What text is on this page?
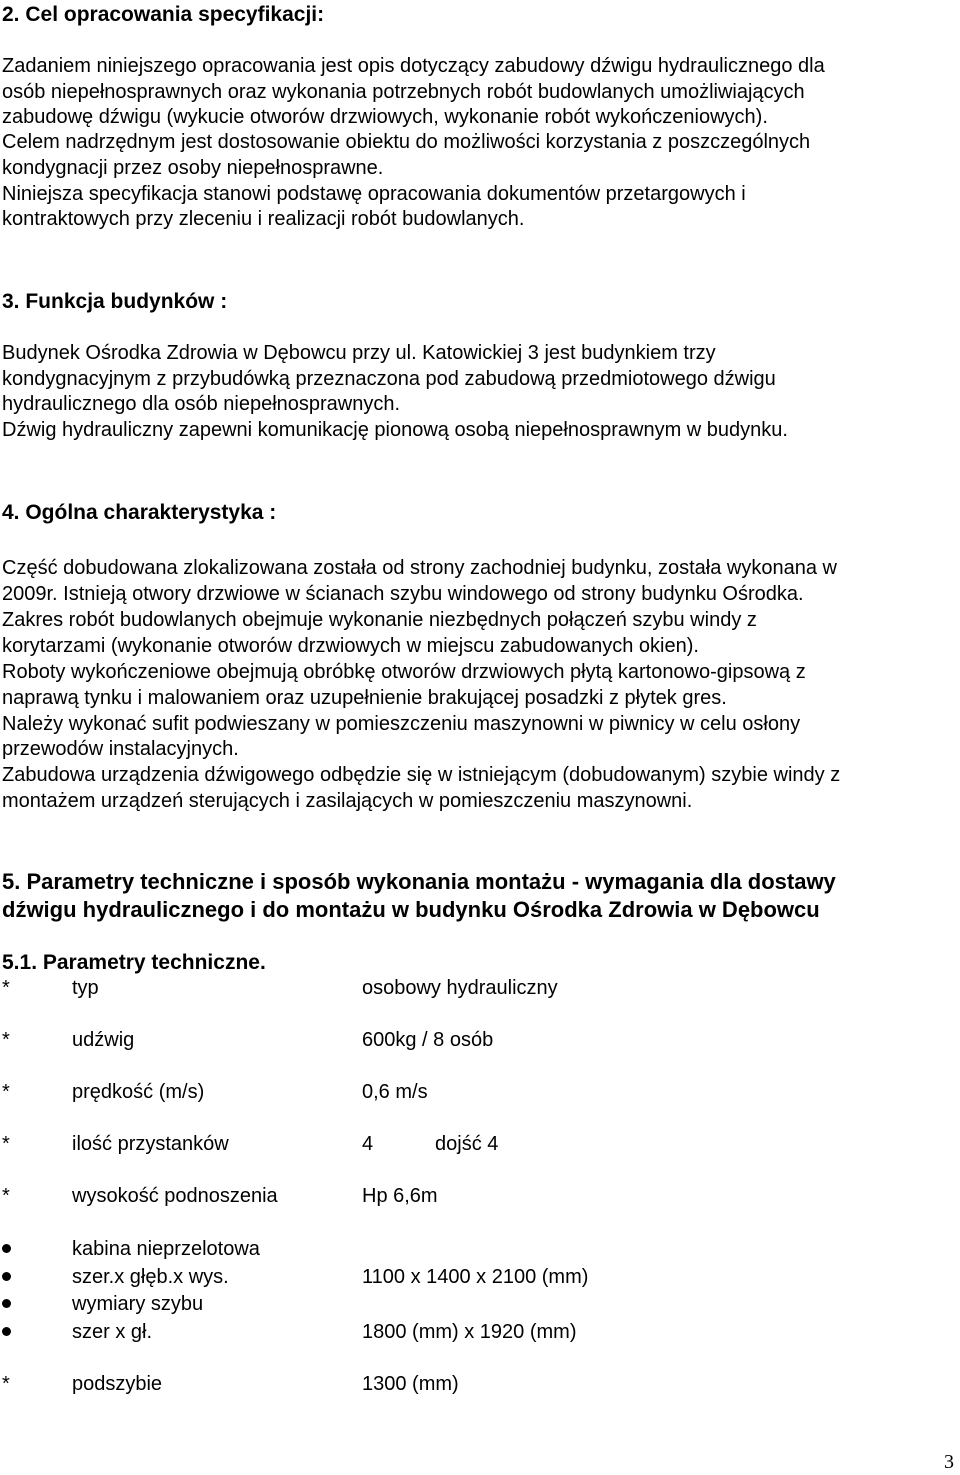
2. Cel opracowania specyfikacji:
Zadaniem niniejszego opracowania jest opis dotyczący zabudowy dźwigu hydraulicznego dla
osób niepełnosprawnych oraz wykonania potrzebnych robót budowlanych umożliwiających
zabudowę dźwigu (wykucie otworów drzwiowych, wykonanie robót wykończeniowych).
Celem nadrzędnym jest dostosowanie obiektu do możliwości korzystania z poszczególnych
kondygnacji przez osoby niepełnosprawne.
Niniejsza specyfikacja stanowi podstawę opracowania dokumentów przetargowych i
kontraktowych przy zleceniu i realizacji robót budowlanych.
3. Funkcja budynków :
Budynek Ośrodka Zdrowia w Dębowcu przy ul. Katowickiej 3 jest budynkiem trzy
kondygnacyjnym z przybudówką przeznaczona pod zabudową przedmiotowego dźwigu
hydraulicznego dla osób niepełnosprawnych.
Dźwig hydrauliczny zapewni komunikację pionową osobą niepełnosprawnym w budynku.
4. Ogólna charakterystyka :
Część dobudowana zlokalizowana została od strony zachodniej budynku, została wykonana w
2009r. Istnieją otwory drzwiowe w ścianach szybu windowego od strony budynku Ośrodka.
Zakres robót budowlanych obejmuje wykonanie niezbędnych połączeń szybu windy z
korytarzami (wykonanie otworów drzwiowych w miejscu zabudowanych okien).
Roboty wykończeniowe obejmują obróbkę otworów drzwiowych płytą kartonowo-gipsową z
naprawą tynku i malowaniem oraz uzupełnienie brakującej posadzki z płytek gres.
Należy wykonać sufit podwieszany w pomieszczeniu maszynowni w piwnicy w celu osłony
przewodów instalacyjnych.
Zabudowa urządzenia dźwigowego odbędzie się w istniejącym (dobudowanym) szybie windy z
montażem urządzeń sterujących i zasilających w pomieszczeniu maszynowni.
5. Parametry techniczne i sposób wykonania montażu - wymagania dla dostawy
dźwigu hydraulicznego i do montażu w budynku Ośrodka Zdrowia w Dębowcu
5.1. Parametry techniczne.
*	typ	osobowy hydrauliczny
*	udźwig	600kg / 8 osób
*	prędkość (m/s)	0,6 m/s
*	ilość przystanków	4	dojść 4
*	wysokość podnoszenia	Hp 6,6m
kabina nieprzelotowa
szer.x głęb.x wys.	1100 x 1400 x 2100 (mm)
wymiary szybu
szer x gł.	1800 (mm) x 1920 (mm)
*	podszybie	1300 (mm)
3
